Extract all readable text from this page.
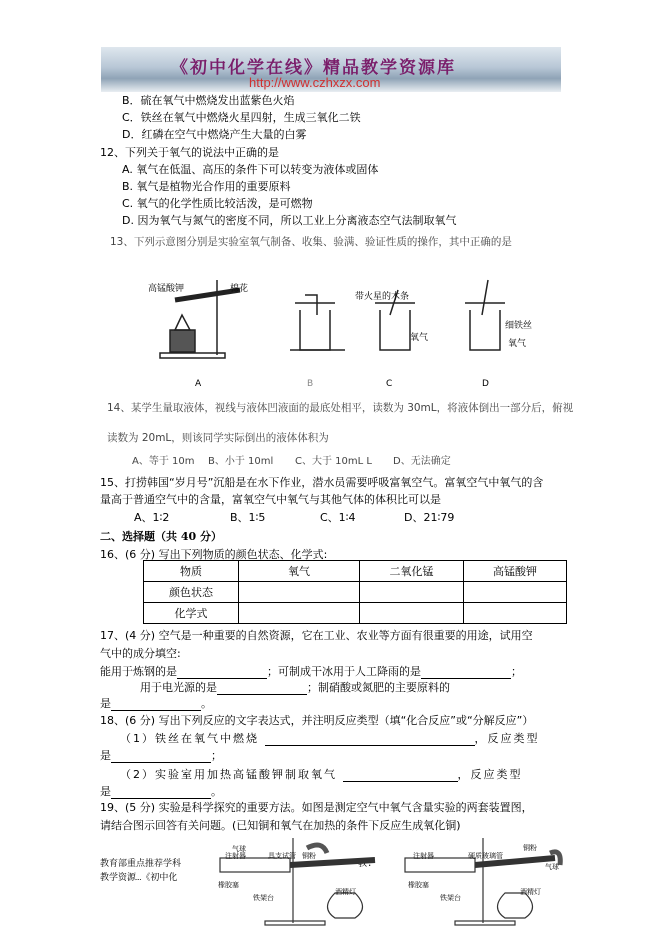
《初中化学在线》精品教学资源库
http://www.czhxzx.com
B．硫在氧气中燃烧发出蓝紫色火焰
C．铁丝在氧气中燃烧火星四射，生成三氧化二铁
D．红磷在空气中燃烧产生大量的白雾
12、下列关于氧气的说法中正确的是
A. 氧气在低温、高压的条件下可以转变为液体或固体
B. 氧气是植物光合作用的重要原料
C. 氧气的化学性质比较活泼，是可燃物
D. 因为氧气与氮气的密度不同，所以工业上分离液态空气法制取氧气
13、下列示意图分别是实验室氧气制备、收集、验满、验证性质的操作，其中正确的是
高锰酸钾	棉花
带火星的木条
氧气
细铁丝
氧气
A	B	C	D
14、某学生量取液体，视线与液体凹液面的最底处相平，读数为 30mL，将液体倒出一部分后，俯视
读数为 20mL，则该同学实际倒出的液体体积为
A、等于 10m B、小于 10ml C、大于 10mL L D、无法确定
15、打捞韩国“岁月号”沉船是在水下作业，潜水员需要呼吸富氧空气。富氧空气中氧气的含
量高于普通空气中的含量，富氧空气中氧气与其他气体的体积比可以是
A、1∶2	B、1∶5	C、1∶4	D、21∶79
二、选择题（共 40 分）
16、(6 分) 写出下列物质的颜色状态、化学式:
物质	氧气	二氧化锰	高锰酸钾
颜色状态			
化学式			
17、(4 分) 空气是一种重要的自然资源，它在工业、农业等方面有很重要的用途，试用空
气中的成分填空:
能用于炼钢的是	；可制成干冰用于人工降雨的是	；
用于电光源的是	；制硝酸或氮肥的主要原料的
是	。
18、(6 分) 写出下列反应的文字表达式，并注明反应类型（填“化合反应”或“分解反应”）
（1）铁丝在氧气中燃烧	，反应类型
是	；
（2）实验室用加热高锰酸钾制取氧气	，反应类型
是	。
19、(5 分) 实验是科学探究的重要方法。如图是测定空气中氧气含量实验的两套装置图，
请结合图示回答有关问题。(已知铜和氧气在加热的条件下反应生成氧化铜)
教育部重点推荐学科
教学资源…《初中化
教:
气球
注射器	具支试管 铜粉
橡胶塞
铁架台
酒精灯
注射器	硬质玻璃管
铜粉
气球
橡胶塞
铁架台
酒精灯
